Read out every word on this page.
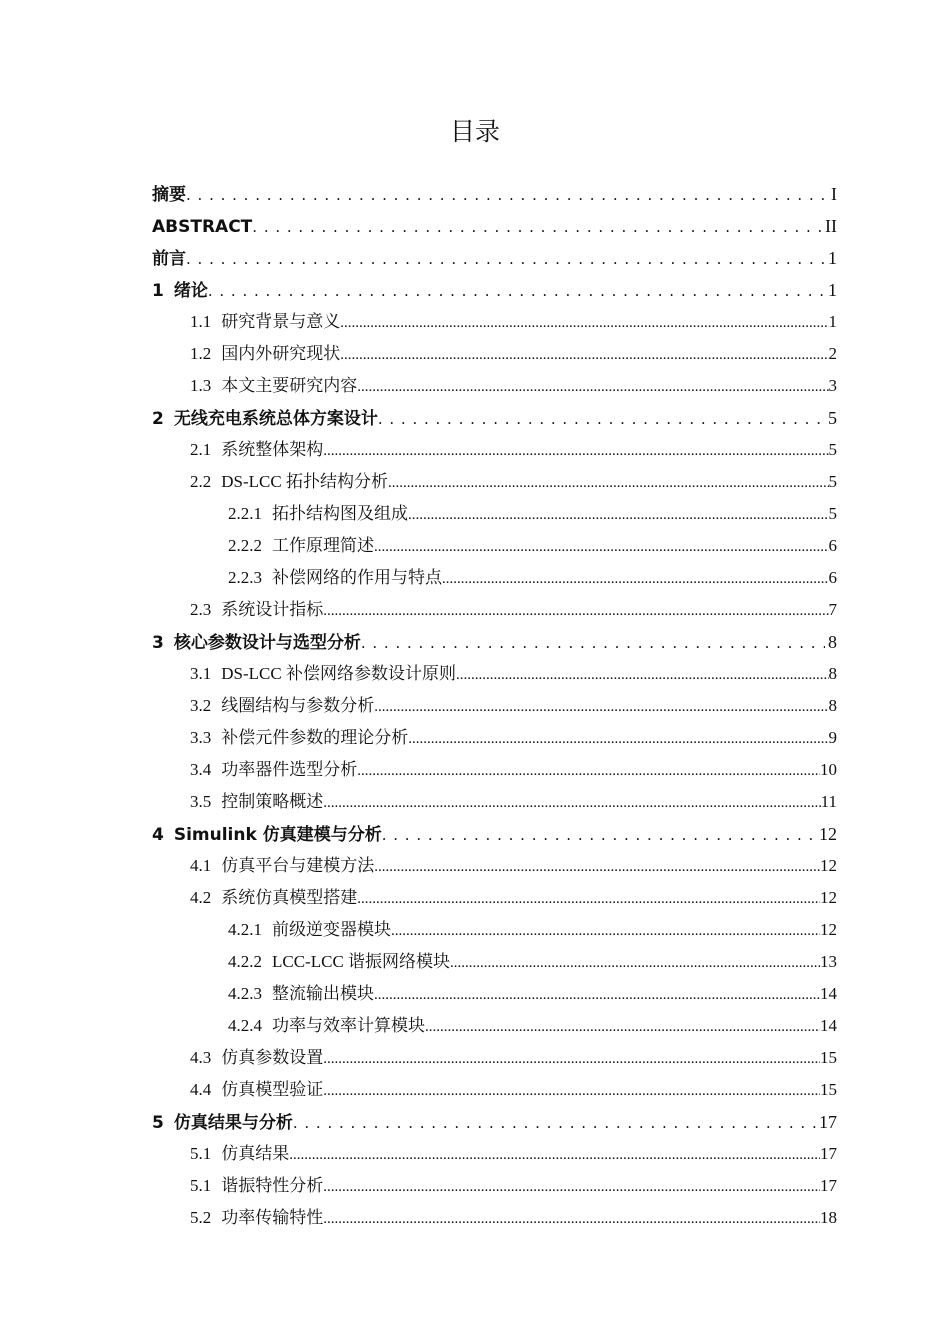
目录
摘要 . . .	I
ABSTRACT . . .	II
前言 . . .	1
1 绪论 . . .	1
1.1 研究背景与意义 .....	1
1.2 国内外研究现状 .....	2
1.3 本文主要研究内容 .....	3
2 无线充电系统总体方案设计 . . .	5
2.1 系统整体架构 .....	5
2.2 DS-LCC 拓扑结构分析 .....	5
2.2.1 拓扑结构图及组成 .....	5
2.2.2 工作原理简述 .....	6
2.2.3 补偿网络的作用与特点 .....	6
2.3 系统设计指标 .....	7
3 核心参数设计与选型分析 . . .	8
3.1 DS-LCC 补偿网络参数设计原则 .....	8
3.2 线圈结构与参数分析 .....	8
3.3 补偿元件参数的理论分析 .....	9
3.4 功率器件选型分析 .....	10
3.5 控制策略概述 .....	11
4 Simulink 仿真建模与分析 . . .	12
4.1 仿真平台与建模方法 .....	12
4.2 系统仿真模型搭建 .....	12
4.2.1 前级逆变器模块 .....	12
4.2.2 LCC-LCC 谐振网络模块 .....	13
4.2.3 整流输出模块 .....	14
4.2.4 功率与效率计算模块 .....	14
4.3 仿真参数设置 .....	15
4.4 仿真模型验证 .....	15
5 仿真结果与分析 . . .	17
5.1 仿真结果 .....	17
5.1 谐振特性分析 .....	17
5.2 功率传输特性 .....	18
